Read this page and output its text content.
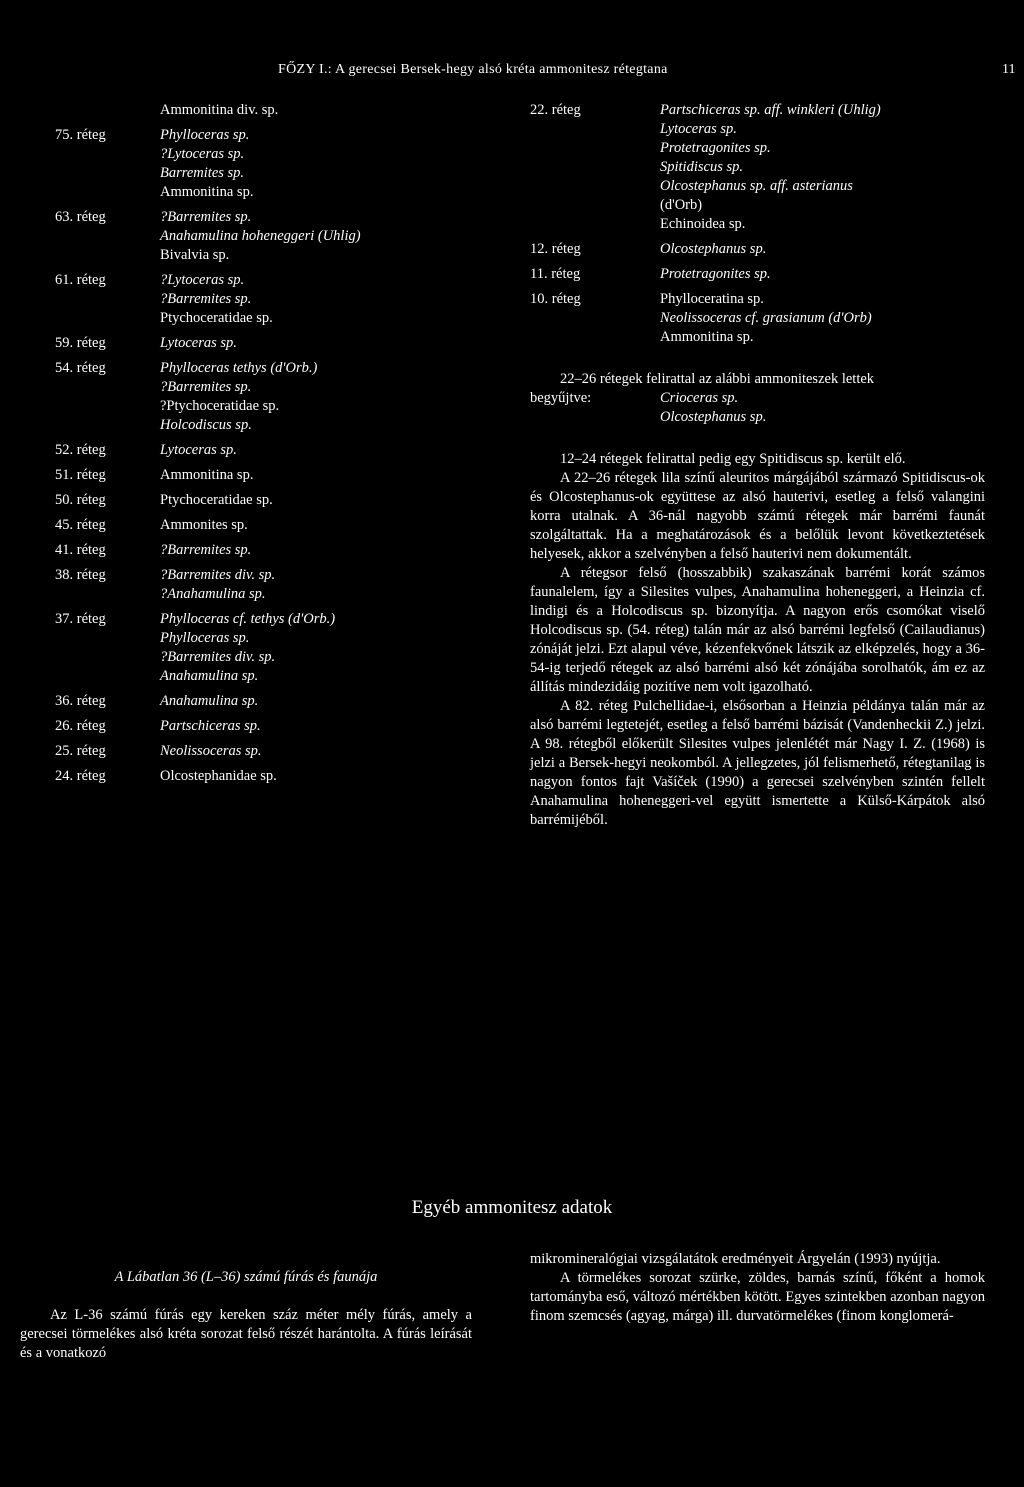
FŐZY I.: A gerecsei Bersek-hegy alsó kréta ammonitesz rétegtana	11
Ammonitina div. sp.
75. réteg	Phylloceras sp.
?Lytoceras sp.
Barremites sp.
Ammonitina sp.
63. réteg	?Barremites sp.
Anahamulina hoheneggeri (Uhlig)
Bivalvia sp.
61. réteg	?Lytoceras sp.
?Barremites sp.
Ptychoceratidae sp.
59. réteg	Lytoceras sp.
54. réteg	Phylloceras tethys (d'Orb.)
?Barremites sp.
?Ptychoceratidae sp.
Holcodiscus sp.
52. réteg	Lytoceras sp.
51. réteg	Ammonitina sp.
50. réteg	Ptychoceratidae sp.
45. réteg	Ammonites sp.
41. réteg	?Barremites sp.
38. réteg	?Barremites div. sp.
?Anahamulina sp.
37. réteg	Phylloceras cf. tethys (d'Orb.)
Phylloceras sp.
?Barremites div. sp.
Anahamulina sp.
36. réteg	Anahamulina sp.
26. réteg	Partschiceras sp.
25. réteg	Neolissoceras sp.
24. réteg	Olcostephanidae sp.
22. réteg	Partschiceras sp. aff. winkleri (Uhlig)
Lytoceras sp.
Protetragonites sp.
Spitidiscus sp.
Olcostephanus sp. aff. asterianus
(d'Orb)
Echinoidea sp.
12. réteg	Olcostephanus sp.
11. réteg	Protetragonites sp.
10. réteg	Phylloceratina sp.
Neolissoceras cf. grasianum (d'Orb)
Ammonitina sp.
22–26 rétegek felirattal az alábbi ammoniteszek lettek
begyűjtve:	Crioceras sp.
Olcostephanus sp.
12–24 rétegek felirattal pedig egy Spitidiscus sp. került elő.
A 22–26 rétegek lila színű aleuritos márgájából származó Spitidiscus-ok és Olcostephanus-ok együttese az alsó hauterivi, esetleg a felső valangini korra utalnak. A 36-nál nagyobb számú rétegek már barrémi faunát szolgáltattak. Ha a meghatározások és a belőlük levont következtetések helyesek, akkor a szelvényben a felső hauterivi nem dokumentált.
A rétegsor felső (hosszabbik) szakaszának barrémi korát számos faunalelem, így a Silesites vulpes, Anahamulina hoheneggeri, a Heinzia cf. lindigi és a Holcodiscus sp. bizonyítja. A nagyon erős csomókat viselő Holcodiscus sp. (54. réteg) talán már az alsó barrémi legfelső (Cailaudianus) zónáját jelzi. Ezt alapul véve, kézenfekvőnek látszik az elképzelés, hogy a 36-54-ig terjedő rétegek az alsó barrémi alsó két zónájába sorolhatók, ám ez az állítás mindezidáig pozitíve nem volt igazolható.
A 82. réteg Pulchellidae-i, elsősorban a Heinzia példánya talán már az alsó barrémi legtetejét, esetleg a felső barrémi bázisát (Vandenheckii Z.) jelzi. A 98. rétegből előkerült Silesites vulpes jelenlétét már Nagy I. Z. (1968) is jelzi a Bersek-hegyi neokomból. A jellegzetes, jól felismerhető, rétegtanilag is nagyon fontos fajt Vašíček (1990) a gerecsei szelvényben szintén fellelt Anahamulina hoheneggeri-vel együtt ismertette a Külső-Kárpátok alsó barrémijéből.
Egyéb ammonitesz adatok
A Lábatlan 36 (L–36) számú fúrás és faunája
Az L-36 számú fúrás egy kereken száz méter mély fúrás, amely a gerecsei törmelékes alsó kréta sorozat felső részét harántolta. A fúrás leírását és a vonatkozó
mikromineralógiai vizsgálatátok eredményeit Árgyelán (1993) nyújtja.
A törmelékes sorozat szürke, zöldes, barnás színű, főként a homok tartományba eső, változó mértékben kötött. Egyes szintekben azonban nagyon finom szemcsés (agyag, márga) ill. durvatörmelékes (finom konglomerá-
